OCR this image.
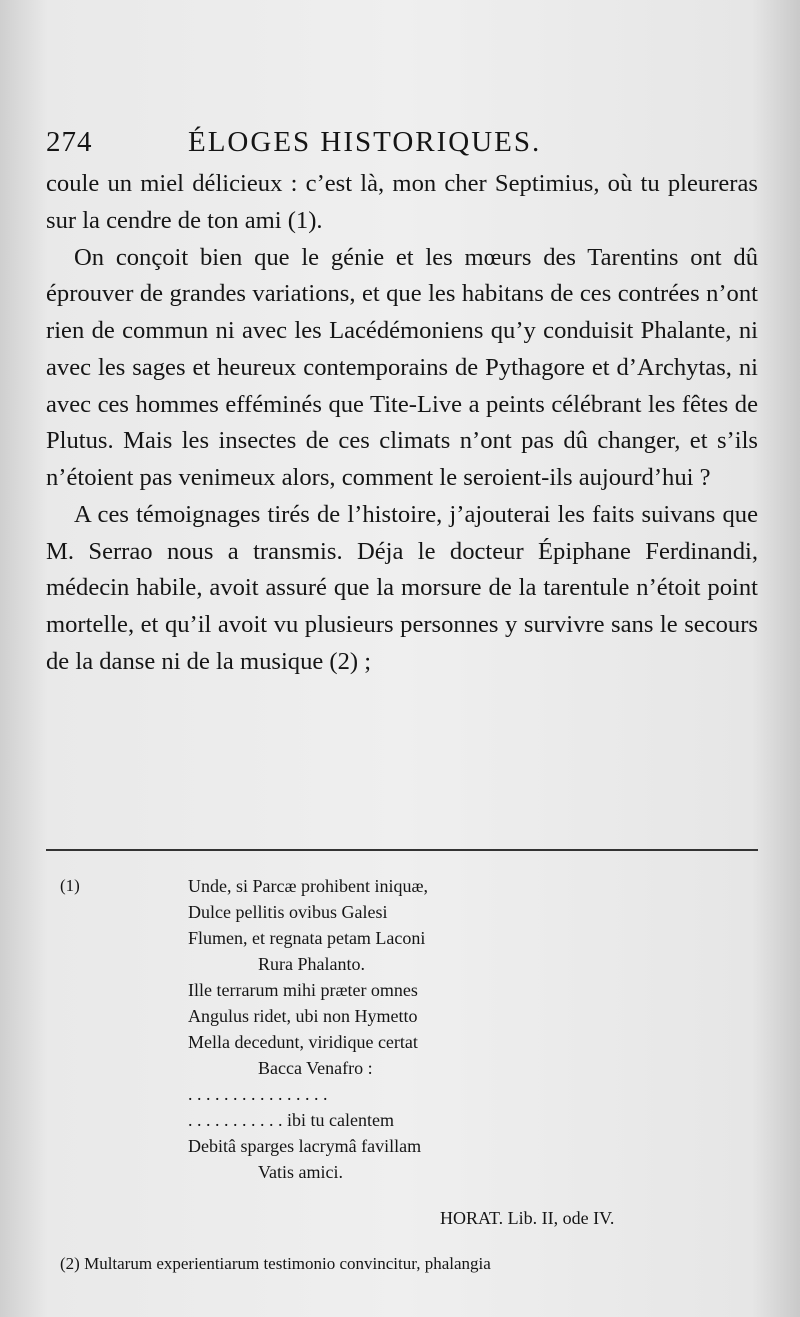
274	ÉLOGES HISTORIQUES.

coule un miel délicieux : c’est là, mon cher Septimius, où tu pleureras sur la cendre de ton ami (1).

On conçoit bien que le génie et les mœurs des Tarentins ont dû éprouver de grandes variations, et que les habitans de ces contrées n’ont rien de commun ni avec les Lacédémoniens qu’y conduisit Phalante, ni avec les sages et heureux contemporains de Pythagore et d’Archytas, ni avec ces hommes efféminés que Tite-Live a peints célébrant les fêtes de Plutus. Mais les insectes de ces climats n’ont pas dû changer, et s’ils n’étoient pas venimeux alors, comment le seroient-ils aujourd’hui ?

A ces témoignages tirés de l’histoire, j’ajouterai les faits suivans que M. Serrao nous a transmis. Déja le docteur Épiphane Ferdinandi, médecin habile, avoit assuré que la morsure de la tarentule n’étoit point mortelle, et qu’il avoit vu plusieurs personnes y survivre sans le secours de la danse ni de la musique (2) ;

(1)	Unde, si Parcæ prohibent iniquæ,
Dulce pellitis ovibus Galesi
Flumen, et regnata petam Laconi
Rura Phalanto.
Ille terrarum mihi præter omnes
Angulus ridet, ubi non Hymetto
Mella decedunt, viridique certat
Bacca Venafro :
. . . . . . . . . . . . . . . .
. . . . . . . . . . . ibi tu calentem
Debitâ sparges lacrymâ favillam
Vatis amici.
HORAT. Lib. II, ode IV.
(2) Multarum experientiarum testimonio convincitur, phalangia
